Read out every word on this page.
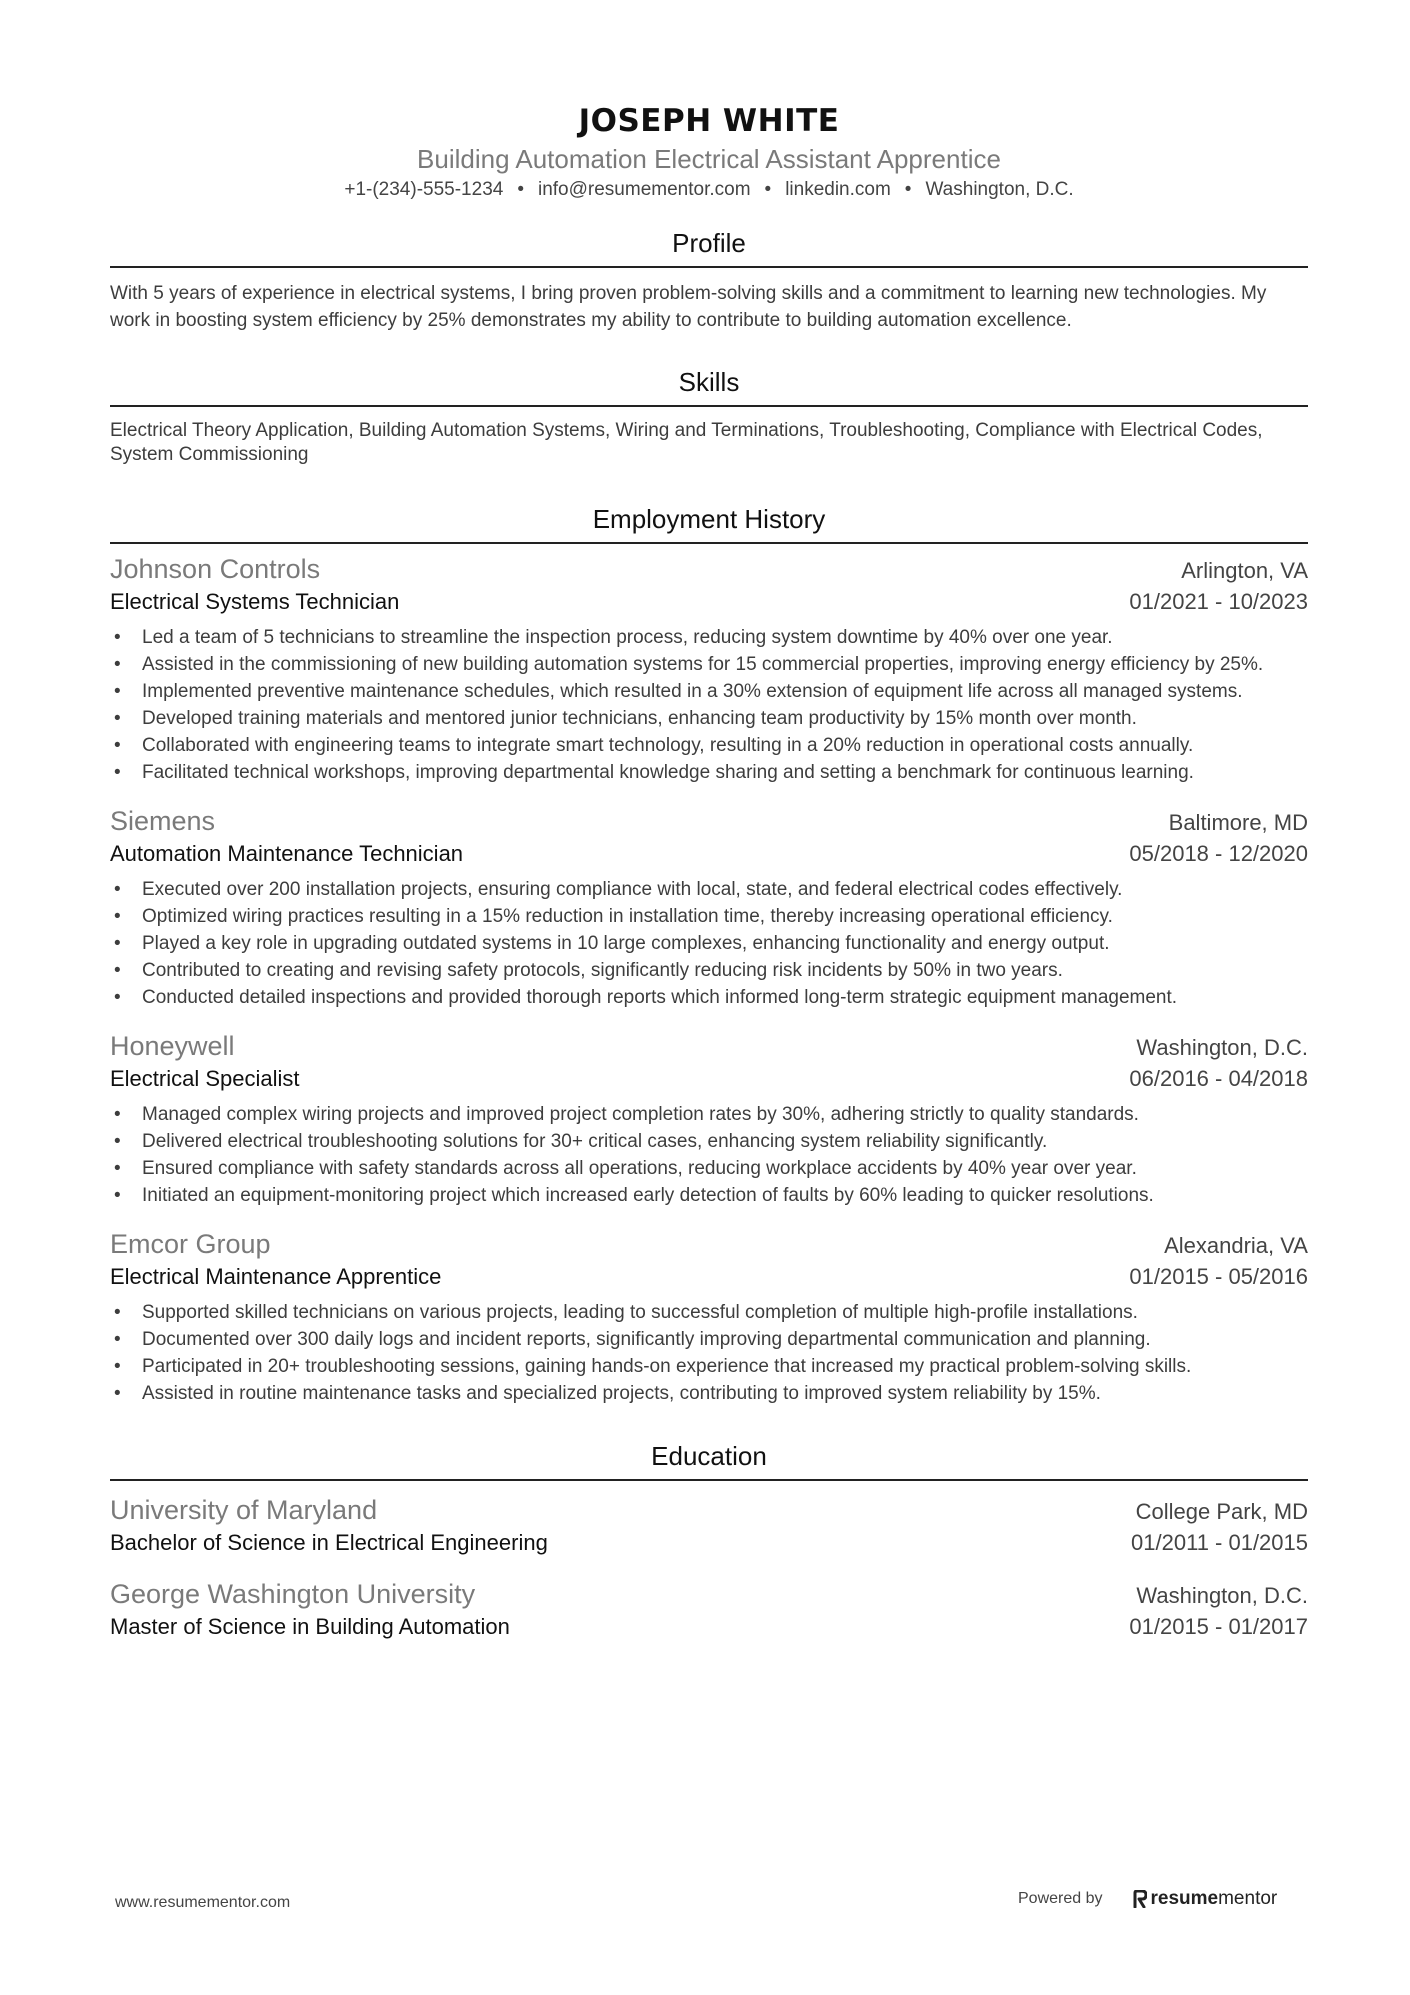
JOSEPH WHITE
Building Automation Electrical Assistant Apprentice
+1-(234)-555-1234 • info@resumementor.com • linkedin.com • Washington, D.C.
Profile

With 5 years of experience in electrical systems, I bring proven problem-solving skills and a commitment to learning new technologies. My work in boosting system efficiency by 25% demonstrates my ability to contribute to building automation excellence.

Skills

Electrical Theory Application, Building Automation Systems, Wiring and Terminations, Troubleshooting, Compliance with Electrical Codes, System Commissioning

Employment History
Johnson Controls	Arlington, VA
Electrical Systems Technician	01/2021 - 10/2023
• Led a team of 5 technicians to streamline the inspection process, reducing system downtime by 40% over one year.
• Assisted in the commissioning of new building automation systems for 15 commercial properties, improving energy efficiency by 25%.
• Implemented preventive maintenance schedules, which resulted in a 30% extension of equipment life across all managed systems.
• Developed training materials and mentored junior technicians, enhancing team productivity by 15% month over month.
• Collaborated with engineering teams to integrate smart technology, resulting in a 20% reduction in operational costs annually.
• Facilitated technical workshops, improving departmental knowledge sharing and setting a benchmark for continuous learning.
Siemens	Baltimore, MD
Automation Maintenance Technician	05/2018 - 12/2020
• Executed over 200 installation projects, ensuring compliance with local, state, and federal electrical codes effectively.
• Optimized wiring practices resulting in a 15% reduction in installation time, thereby increasing operational efficiency.
• Played a key role in upgrading outdated systems in 10 large complexes, enhancing functionality and energy output.
• Contributed to creating and revising safety protocols, significantly reducing risk incidents by 50% in two years.
• Conducted detailed inspections and provided thorough reports which informed long-term strategic equipment management.
Honeywell	Washington, D.C.
Electrical Specialist	06/2016 - 04/2018
• Managed complex wiring projects and improved project completion rates by 30%, adhering strictly to quality standards.
• Delivered electrical troubleshooting solutions for 30+ critical cases, enhancing system reliability significantly.
• Ensured compliance with safety standards across all operations, reducing workplace accidents by 40% year over year.
• Initiated an equipment-monitoring project which increased early detection of faults by 60% leading to quicker resolutions.
Emcor Group	Alexandria, VA
Electrical Maintenance Apprentice	01/2015 - 05/2016
• Supported skilled technicians on various projects, leading to successful completion of multiple high-profile installations.
• Documented over 300 daily logs and incident reports, significantly improving departmental communication and planning.
• Participated in 20+ troubleshooting sessions, gaining hands-on experience that increased my practical problem-solving skills.
• Assisted in routine maintenance tasks and specialized projects, contributing to improved system reliability by 15%.
Education
University of Maryland	College Park, MD
Bachelor of Science in Electrical Engineering	01/2011 - 01/2015
George Washington University	Washington, D.C.
Master of Science in Building Automation	01/2015 - 01/2017
www.resumementor.com	Powered by	resume mentor
